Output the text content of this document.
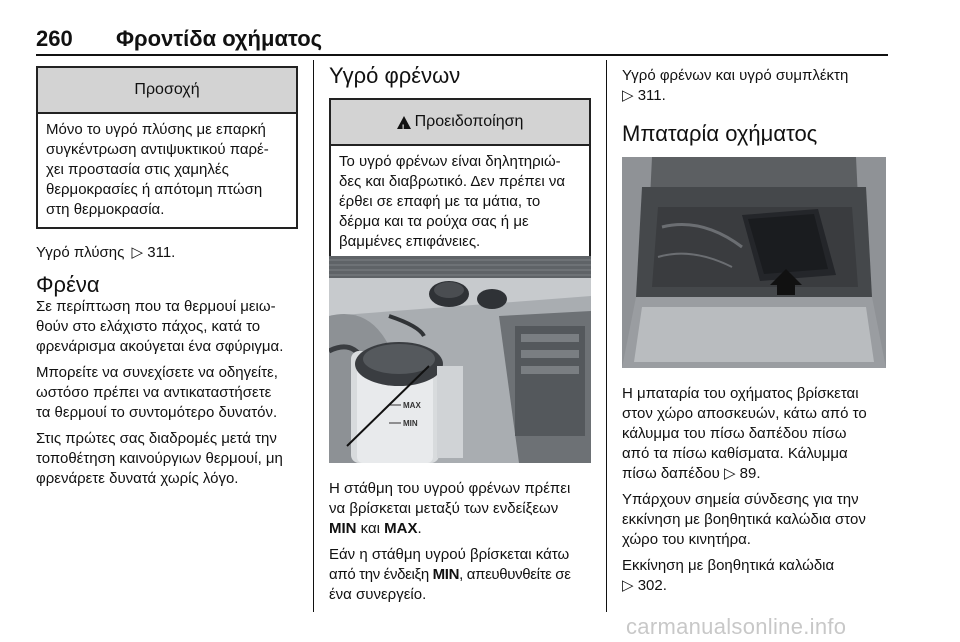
260 Φροντίδα οχήματος
Προσοχή
Μόνο το υγρό πλύσης με επαρκή
συγκέντρωση αντιψυκτικού παρέ-
χει προστασία στις χαμηλές
θερμοκρασίες ή απότομη πτώση
στη θερμοκρασία.

Υγρό πλύσης ▷ 311.

Φρένα

Σε περίπτωση που τα θερμουί μειω-
θούν στο ελάχιστο πάχος, κατά το
φρενάρισμα ακούγεται ένα σφύριγμα.

Μπορείτε να συνεχίσετε να οδηγείτε,
ωστόσο πρέπει να αντικαταστήσετε
τα θερμουί το συντομότερο δυνατόν.

Στις πρώτες σας διαδρομές μετά την
τοποθέτηση καινούργιων θερμουί, μη
φρενάρετε δυνατά χωρίς λόγο.

Υγρό φρένων
!
Προειδοποίηση
Το υγρό φρένων είναι δηλητηριώ-
δες και διαβρωτικό. Δεν πρέπει να
έρθει σε επαφή με τα μάτια, το
δέρμα και τα ρούχα σας ή με
βαμμένες επιφάνειες.
MAX
MIN

Η στάθμη του υγρού φρένων πρέπει
να βρίσκεται μεταξύ των ενδείξεων
MIN και MAX.

Εάν η στάθμη υγρού βρίσκεται κάτω
από την ένδειξη MIN, απευθυνθείτε σε
ένα συνεργείο.

Υγρό φρένων και υγρό συμπλέκτη
▷ 311.

Μπαταρία οχήματος

Η μπαταρία του οχήματος βρίσκεται
στον χώρο αποσκευών, κάτω από το
κάλυμμα του πίσω δαπέδου πίσω
από τα πίσω καθίσματα. Κάλυμμα
πίσω δαπέδου ▷ 89.

Υπάρχουν σημεία σύνδεσης για την
εκκίνηση με βοηθητικά καλώδια στον
χώρο του κινητήρα.

Εκκίνηση με βοηθητικά καλώδια
▷ 302.

carmanualsonline.info
